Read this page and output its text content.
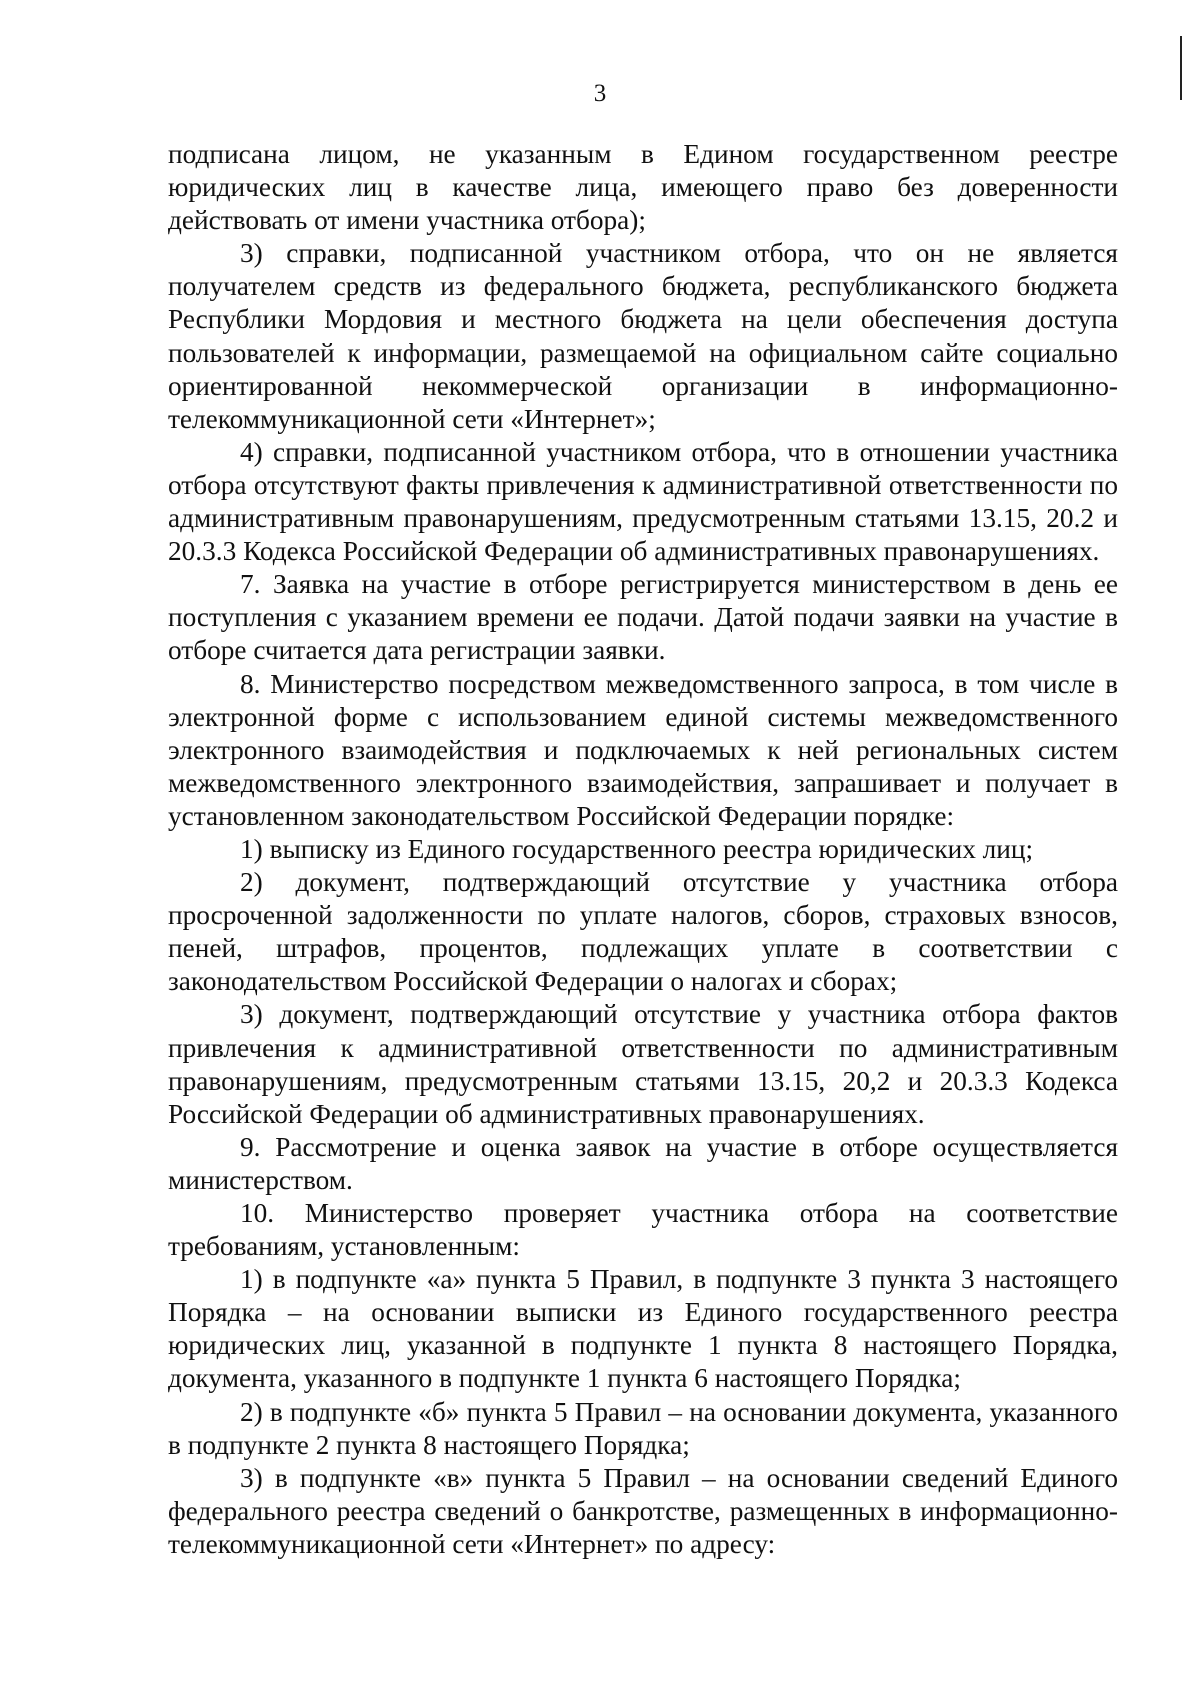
3

подписана лицом, не указанным в Едином государственном реестре юридических лиц в качестве лица, имеющего право без доверенности действовать от имени участника отбора);

3) справки, подписанной участником отбора, что он не является получателем средств из федерального бюджета, республиканского бюджета Республики Мордовия и местного бюджета на цели обеспечения доступа пользователей к информации, размещаемой на официальном сайте социально ориентированной некоммерческой организации в информационно-телекоммуникационной сети «Интернет»;

4) справки, подписанной участником отбора, что в отношении участника отбора отсутствуют факты привлечения к административной ответственности по административным правонарушениям, предусмотренным статьями 13.15, 20.2 и 20.3.3 Кодекса Российской Федерации об административных правонарушениях.

7. Заявка на участие в отборе регистрируется министерством в день ее поступления с указанием времени ее подачи. Датой подачи заявки на участие в отборе считается дата регистрации заявки.

8. Министерство посредством межведомственного запроса, в том числе в электронной форме с использованием единой системы межведомственного электронного взаимодействия и подключаемых к ней региональных систем межведомственного электронного взаимодействия, запрашивает и получает в установленном законодательством Российской Федерации порядке:

1) выписку из Единого государственного реестра юридических лиц;

2) документ, подтверждающий отсутствие у участника отбора просроченной задолженности по уплате налогов, сборов, страховых взносов, пеней, штрафов, процентов, подлежащих уплате в соответствии с законодательством Российской Федерации о налогах и сборах;

3) документ, подтверждающий отсутствие у участника отбора фактов привлечения к административной ответственности по административным правонарушениям, предусмотренным статьями 13.15, 20,2 и 20.3.3 Кодекса Российской Федерации об административных правонарушениях.

9. Рассмотрение и оценка заявок на участие в отборе осуществляется министерством.

10. Министерство проверяет участника отбора на соответствие требованиям, установленным:

1) в подпункте «а» пункта 5 Правил, в подпункте 3 пункта 3 настоящего Порядка – на основании выписки из Единого государственного реестра юридических лиц, указанной в подпункте 1 пункта 8 настоящего Порядка, документа, указанного в подпункте 1 пункта 6 настоящего Порядка;

2) в подпункте «б» пункта 5 Правил – на основании документа, указанного в подпункте 2 пункта 8 настоящего Порядка;

3) в подпункте «в» пункта 5 Правил – на основании сведений Единого федерального реестра сведений о банкротстве, размещенных в информационно-телекоммуникационной сети «Интернет» по адресу:
